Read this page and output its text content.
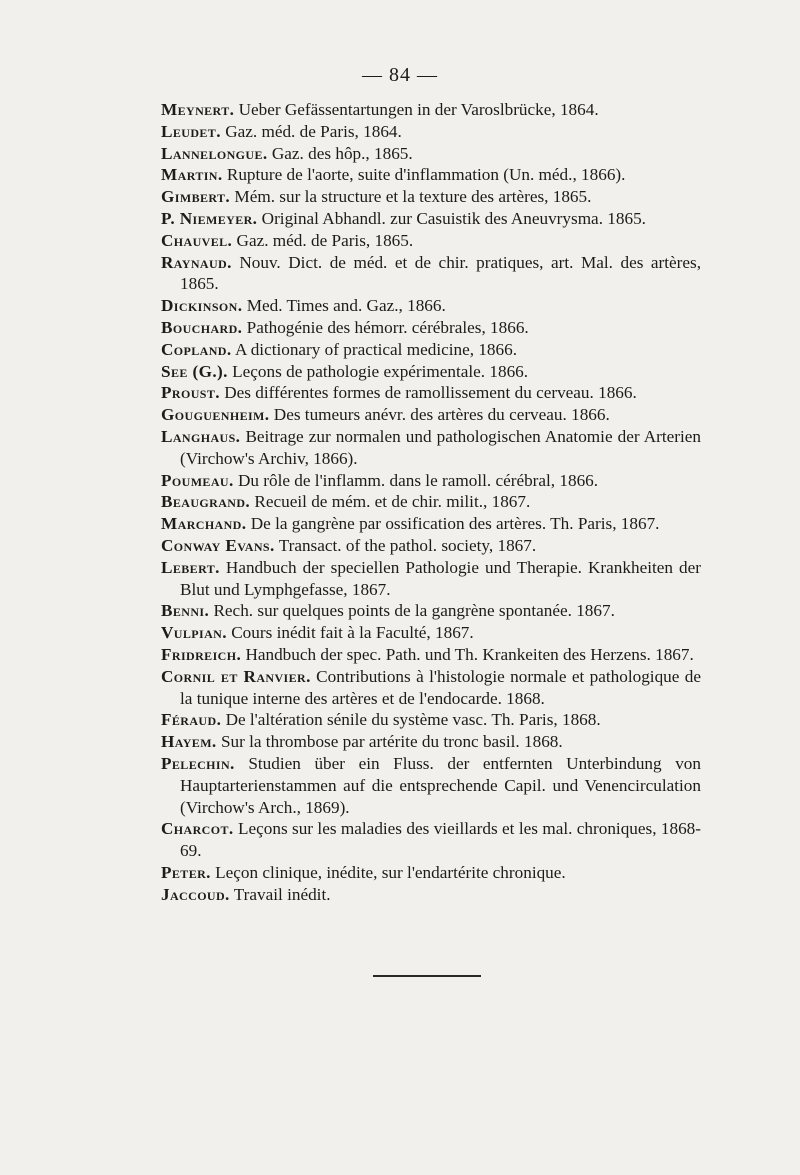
— 84 —
Meynert. Ueber Gefässentartungen in der Varoslbrücke, 1864.
Leudet. Gaz. méd. de Paris, 1864.
Lannelongue. Gaz. des hôp., 1865.
Martin. Rupture de l'aorte, suite d'inflammation (Un. méd., 1866).
Gimbert. Mém. sur la structure et la texture des artères, 1865.
P. Niemeyer. Original Abhandl. zur Casuistik des Aneuvrysma. 1865.
Chauvel. Gaz. méd. de Paris, 1865.
Raynaud. Nouv. Dict. de méd. et de chir. pratiques, art. Mal. des artères, 1865.
Dickinson. Med. Times and. Gaz., 1866.
Bouchard. Pathogénie des hémorr. cérébrales, 1866.
Copland. A dictionary of practical medicine, 1866.
See (G.). Leçons de pathologie expérimentale. 1866.
Proust. Des différentes formes de ramollissement du cerveau. 1866.
Gouguenheim. Des tumeurs anévr. des artères du cerveau. 1866.
Langhaus. Beitrage zur normalen und pathologischen Anatomie der Arterien (Virchow's Archiv, 1866).
Poumeau. Du rôle de l'inflamm. dans le ramoll. cérébral, 1866.
Beaugrand. Recueil de mém. et de chir. milit., 1867.
Marchand. De la gangrène par ossification des artères. Th. Paris, 1867.
Conway Evans. Transact. of the pathol. society, 1867.
Lebert. Handbuch der speciellen Pathologie und Therapie. Krankheiten der Blut und Lymphgefasse, 1867.
Benni. Rech. sur quelques points de la gangrène spontanée. 1867.
Vulpian. Cours inédit fait à la Faculté, 1867.
Fridreich. Handbuch der spec. Path. und Th. Krankeiten des Herzens. 1867.
Cornil et Ranvier. Contributions à l'histologie normale et pathologique de la tunique interne des artères et de l'endocarde. 1868.
Féraud. De l'altération sénile du système vasc. Th. Paris, 1868.
Hayem. Sur la thrombose par artérite du tronc basil. 1868.
Pelechin. Studien über ein Fluss. der entfernten Unterbindung von Hauptarterienstammen auf die entsprechende Capil. und Venencirculation (Virchow's Arch., 1869).
Charcot. Leçons sur les maladies des vieillards et les mal. chroniques, 1868-69.
Peter. Leçon clinique, inédite, sur l'endartérite chronique.
Jaccoud. Travail inédit.
